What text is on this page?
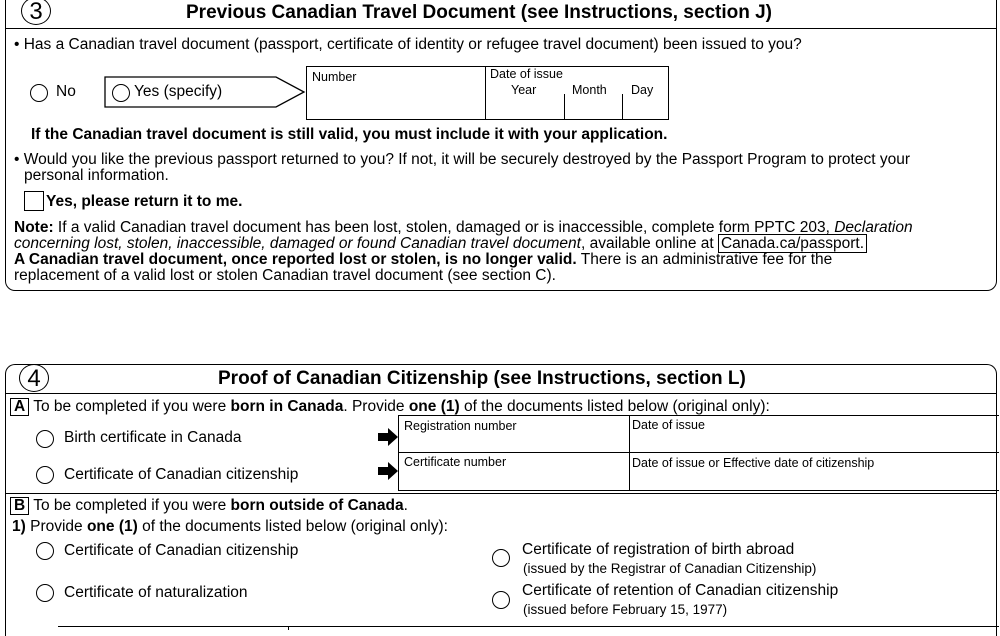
3	Previous Canadian Travel Document (see Instructions, section J)
• Has a Canadian travel document (passport, certificate of identity or refugee travel document) been issued to you?
No	Yes (specify)
Number	Date of issue
Year	Month Day
If the Canadian travel document is still valid, you must include it with your application.
• Would you like the previous passport returned to you? If not, it will be securely destroyed by the Passport Program to protect your
personal information.
Yes, please return it to me.
Note: If a valid Canadian travel document has been lost, stolen, damaged or is inaccessible, complete form PPTC 203, Declaration
concerning lost, stolen, inaccessible, damaged or found Canadian travel document, available online at Canada.ca/passport.
A Canadian travel document, once reported lost or stolen, is no longer valid. There is an administrative fee for the
replacement of a valid lost or stolen Canadian travel document (see section C).
4	Proof of Canadian Citizenship (see Instructions, section L)
A To be completed if you were born in Canada. Provide one (1) of the documents listed below (original only):
Birth certificate in Canada
Registration number	Date of issue
Certificate of Canadian citizenship
Certificate number	Date of issue or Effective date of citizenship
B To be completed if you were born outside of Canada.
1) Provide one (1) of the documents listed below (original only):
Certificate of Canadian citizenship
Certificate of naturalization
Certificate of registration of birth abroad
(issued by the Registrar of Canadian Citizenship)
Certificate of retention of Canadian citizenship
(issued before February 15, 1977)
